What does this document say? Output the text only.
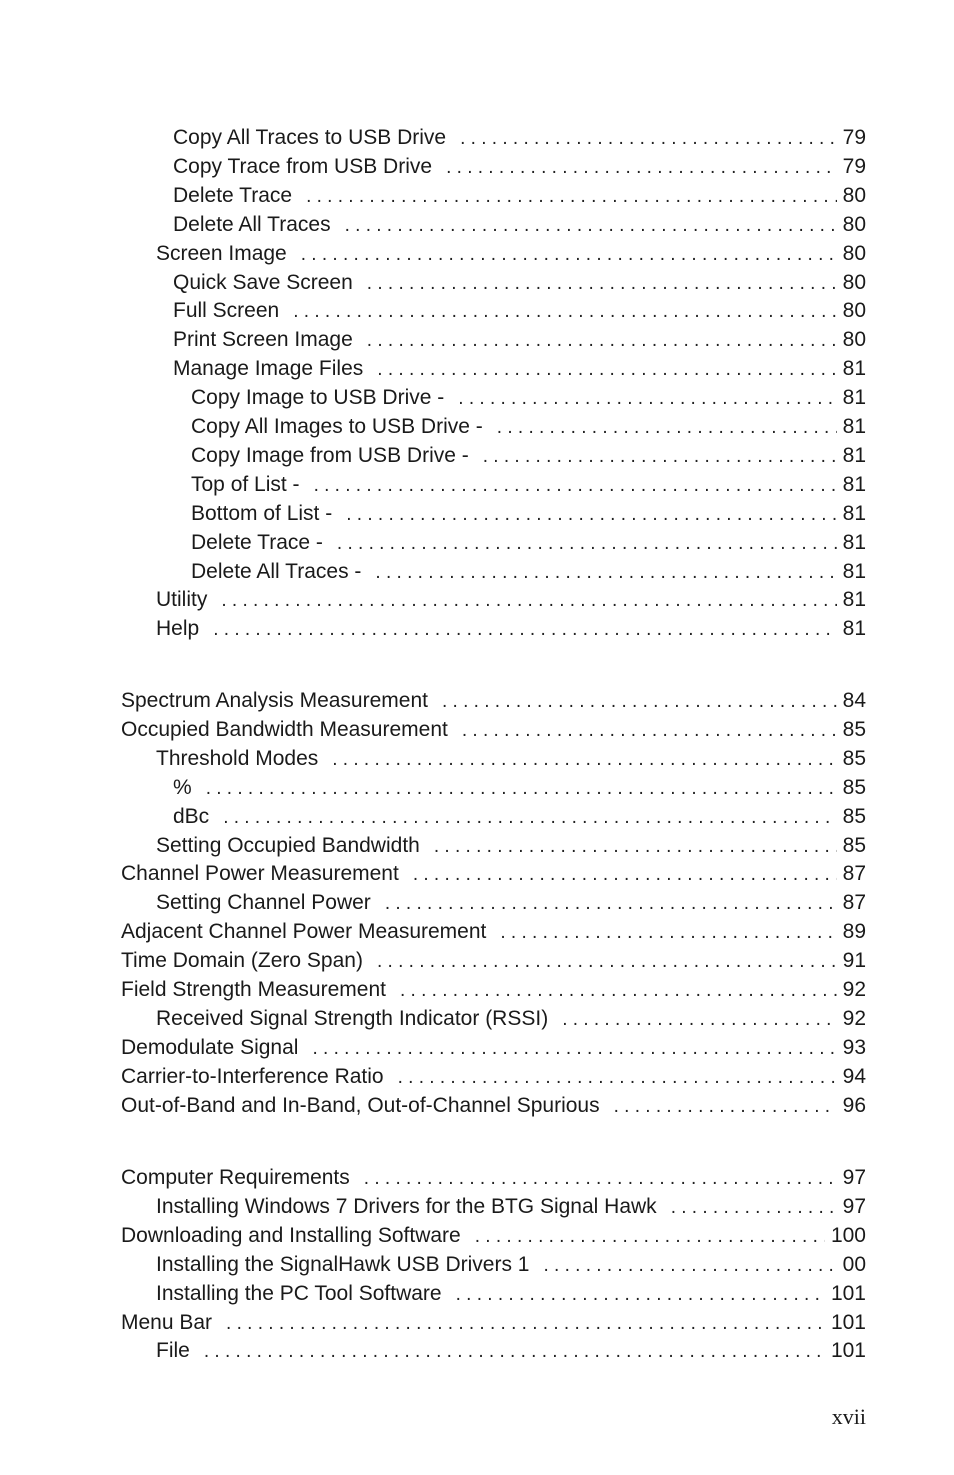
Copy All Traces to USB Drive . . .	79
Copy Trace from USB Drive . . .	79
Delete Trace . . .	80
Delete All Traces . . .	80
Screen Image . . .	80
Quick Save Screen . . .	80
Full Screen . . .	80
Print Screen Image . . .	80
Manage Image Files . . .	81
Copy Image to USB Drive - . . .	81
Copy All Images to USB Drive - . . .	81
Copy Image from USB Drive - . . .	81
Top of List - . . .	81
Bottom of List - . . .	81
Delete Trace - . . .	81
Delete All Traces - . . .	81
Utility . . .	81
Help . . .	81
Spectrum Analysis Measurement . . .	84
Occupied Bandwidth Measurement . . .	85
Threshold Modes . . .	85
% . . .	85
dBc . . .	85
Setting Occupied Bandwidth . . .	85
Channel Power Measurement . . .	87
Setting Channel Power . . .	87
Adjacent Channel Power Measurement . . .	89
Time Domain (Zero Span) . . .	91
Field Strength Measurement . . .	92
Received Signal Strength Indicator (RSSI) . . .	92
Demodulate Signal . . .	93
Carrier-to-Interference Ratio . . .	94
Out-of-Band and In-Band, Out-of-Channel Spurious . . .	96
Computer Requirements . . .	97
Installing Windows 7 Drivers for the BTG Signal Hawk . . .	97
Downloading and Installing Software . . .	100
Installing the SignalHawk USB Drivers 1 . . .	00
Installing the PC Tool Software . . .	101
Menu Bar . . .	101
File . . .	101
xvii
